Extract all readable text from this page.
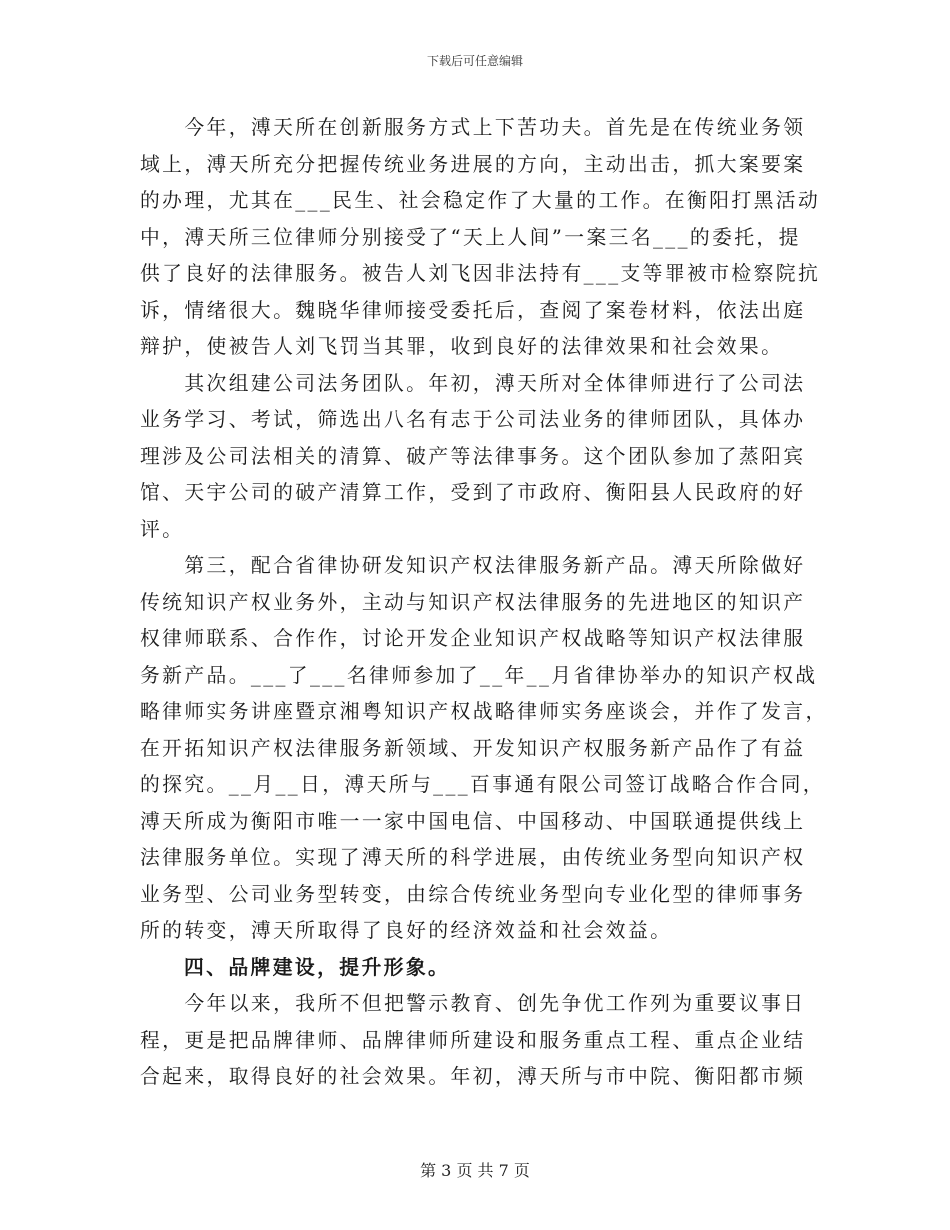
下载后可任意编辑
　　今年，溥天所在创新服务方式上下苦功夫。首先是在传统业务领
域上，溥天所充分把握传统业务进展的方向，主动出击，抓大案要案
的办理，尤其在___民生、社会稳定作了大量的工作。在衡阳打黑活动
中，溥天所三位律师分别接受了“天上人间”一案三名___的委托，提
供了良好的法律服务。被告人刘飞因非法持有___支等罪被市检察院抗
诉，情绪很大。魏晓华律师接受委托后，查阅了案卷材料，依法出庭
辩护，使被告人刘飞罚当其罪，收到良好的法律效果和社会效果。
　　其次组建公司法务团队。年初，溥天所对全体律师进行了公司法
业务学习、考试，筛选出八名有志于公司法业务的律师团队，具体办
理涉及公司法相关的清算、破产等法律事务。这个团队参加了蒸阳宾
馆、天宇公司的破产清算工作，受到了市政府、衡阳县人民政府的好
评。
　　第三，配合省律协研发知识产权法律服务新产品。溥天所除做好
传统知识产权业务外，主动与知识产权法律服务的先进地区的知识产
权律师联系、合作作，讨论开发企业知识产权战略等知识产权法律服
务新产品。___了___名律师参加了__年__月省律协举办的知识产权战
略律师实务讲座暨京湘粤知识产权战略律师实务座谈会，并作了发言，
在开拓知识产权法律服务新领域、开发知识产权服务新产品作了有益
的探究。__月__日，溥天所与___百事通有限公司签订战略合作合同，
溥天所成为衡阳市唯一一家中国电信、中国移动、中国联通提供线上
法律服务单位。实现了溥天所的科学进展，由传统业务型向知识产权
业务型、公司业务型转变，由综合传统业务型向专业化型的律师事务
所的转变，溥天所取得了良好的经济效益和社会效益。
四、品牌建设，提升形象。
　　今年以来，我所不但把警示教育、创先争优工作列为重要议事日
程，更是把品牌律师、品牌律师所建设和服务重点工程、重点企业结
合起来，取得良好的社会效果。年初，溥天所与市中院、衡阳都市频
第 3 页 共 7 页
